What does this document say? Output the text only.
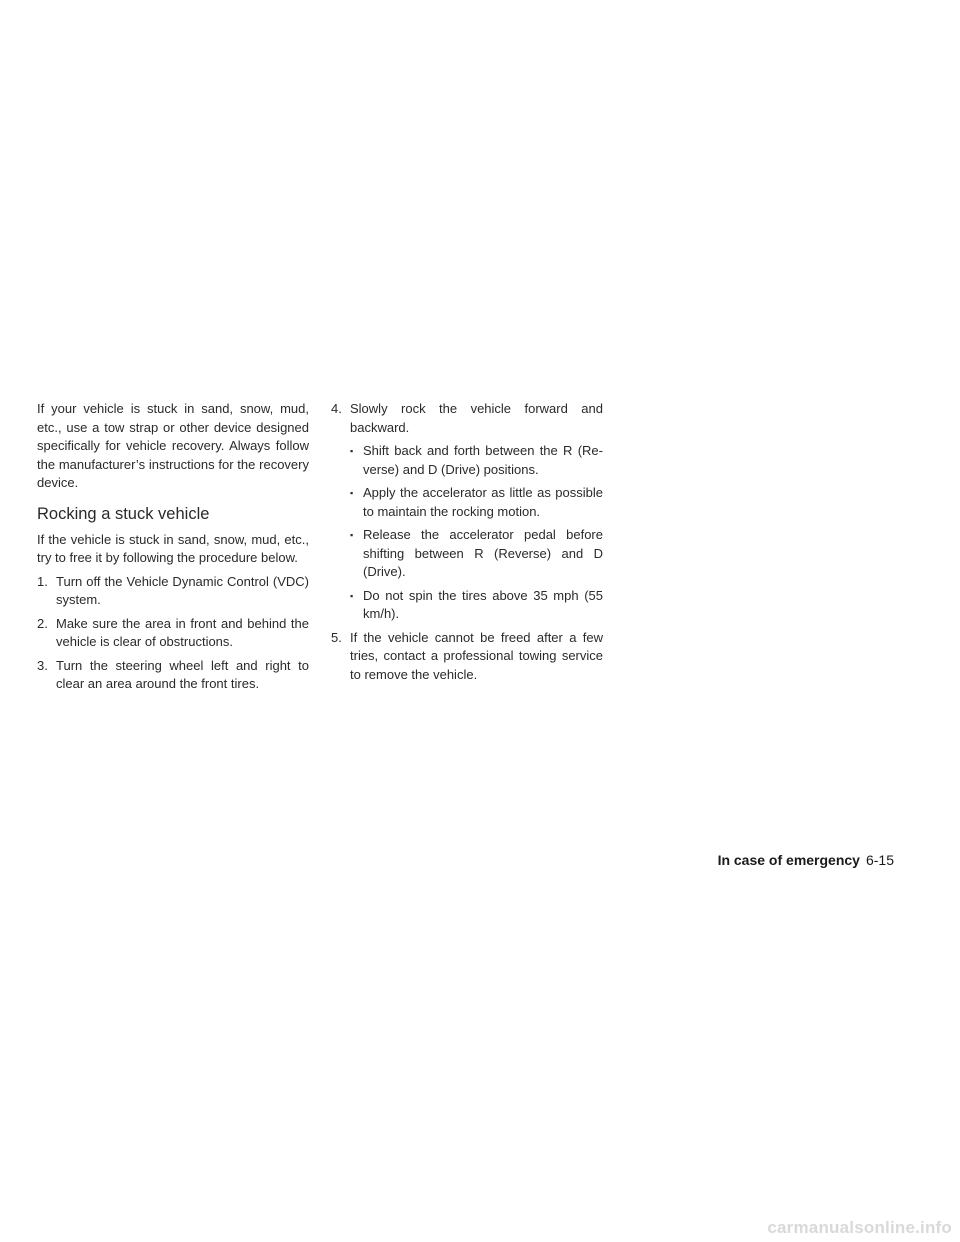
If your vehicle is stuck in sand, snow, mud, etc., use a tow strap or other device designed specifically for vehicle recovery. Always follow the manufacturer’s instructions for the recovery device.

Rocking a stuck vehicle

If the vehicle is stuck in sand, snow, mud, etc., try to free it by following the procedure below.

1. Turn off the Vehicle Dynamic Control (VDC) system.
2. Make sure the area in front and behind the vehicle is clear of obstructions.
3. Turn the steering wheel left and right to clear an area around the front tires.
4. Slowly rock the vehicle forward and backward.
▪ Shift back and forth between the R (Reverse) and D (Drive) positions.
▪ Apply the accelerator as little as possible to maintain the rocking motion.
▪ Release the accelerator pedal before shifting between R (Reverse) and D (Drive).
▪ Do not spin the tires above 35 mph (55 km/h).
5. If the vehicle cannot be freed after a few tries, contact a professional towing service to remove the vehicle.
In case of emergency 6-15
carmanualsonline.info
